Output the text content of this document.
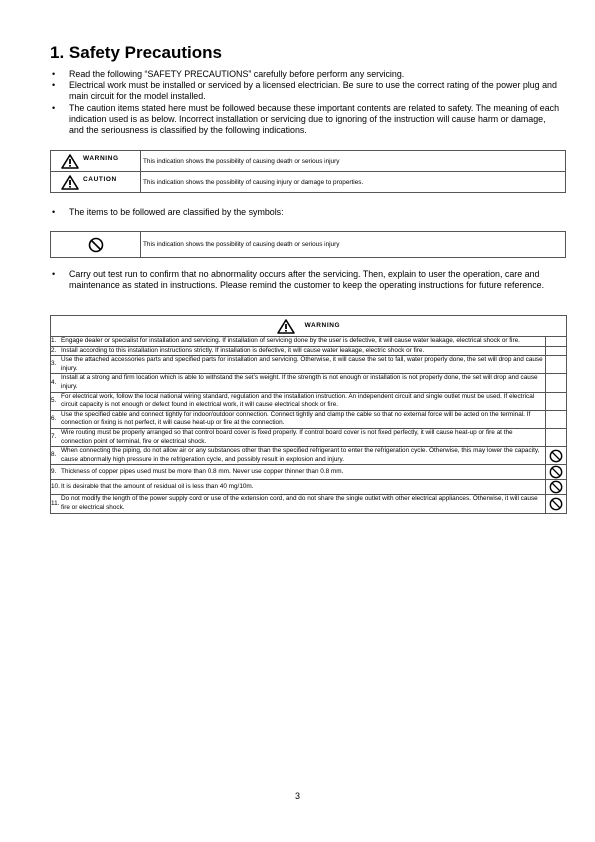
1. Safety Precautions
• Read the following “SAFETY PRECAUTIONS” carefully before perform any servicing.
• Electrical work must be installed or serviced by a licensed electrician. Be sure to use the correct rating of the power plug and main circuit for the model installed.
• The caution items stated here must be followed because these important contents are related to safety. The meaning of each indication used is as below. Incorrect installation or servicing due to ignoring of the instruction will cause harm or damage, and the seriousness is classified by the following indications.
WARNING	This indication shows the possibility of causing death or serious injury

CAUTION	This indication shows the possibility of causing injury or damage to properties.
• The items to be followed are classified by the symbols:
	This indication shows the possibility of causing death or serious injury
• Carry out test run to confirm that no abnormality occurs after the servicing. Then, explain to user the operation, care and maintenance as stated in instructions. Please remind the customer to keep the operating instructions for future reference.
WARNING		
1.	Engage dealer or specialist for installation and servicing. If installation of servicing done by the user is defective, it will cause water leakage, electrical shock or fire.	
2.	Install according to this installation instructions strictly. If installation is defective, it will cause water leakage, electric shock or fire.	
3.	Use the attached accessories parts and specified parts for installation and servicing. Otherwise, it will cause the set to fall, water properly done, the set will drop and cause injury.	
4.	Install at a strong and firm location which is able to withstand the set’s weight. If the strength is not enough or installation is not properly done, the set will drop and cause injury.	
5.	For electrical work, follow the local national wiring standard, regulation and the installation instruction. An independent circuit and single outlet must be used. If electrical circuit capacity is not enough or defect found in electrical work, it will cause electrical shock or fire.	
6.	Use the specified cable and connect tightly for indoor/outdoor connection. Connect tightly and clamp the cable so that no external force will be acted on the terminal. If connection or fixing is not perfect, it will cause heat-up or fire at the connection.	
7.	Wire routing must be properly arranged so that control board cover is fixed properly. If control board cover is not fixed perfectly, it will cause heat-up or fire at the connection point of terminal, fire or electrical shock.	
8.	When connecting the piping, do not allow air or any substances other than the specified refrigerant to enter the refrigeration cycle. Otherwise, this may lower the capacity, cause abnormally high pressure in the refrigeration cycle, and possibly result in explosion and injury.	
9.	Thickness of copper pipes used must be more than 0.8 mm. Never use copper thinner than 0.8 mm.	
10.	It is desirable that the amount of residual oil is less than 40 mg/10m.	
11.	Do not modify the length of the power supply cord or use of the extension cord, and do not share the single outlet with other electrical appliances. Otherwise, it will cause fire or electrical shock.	
3
